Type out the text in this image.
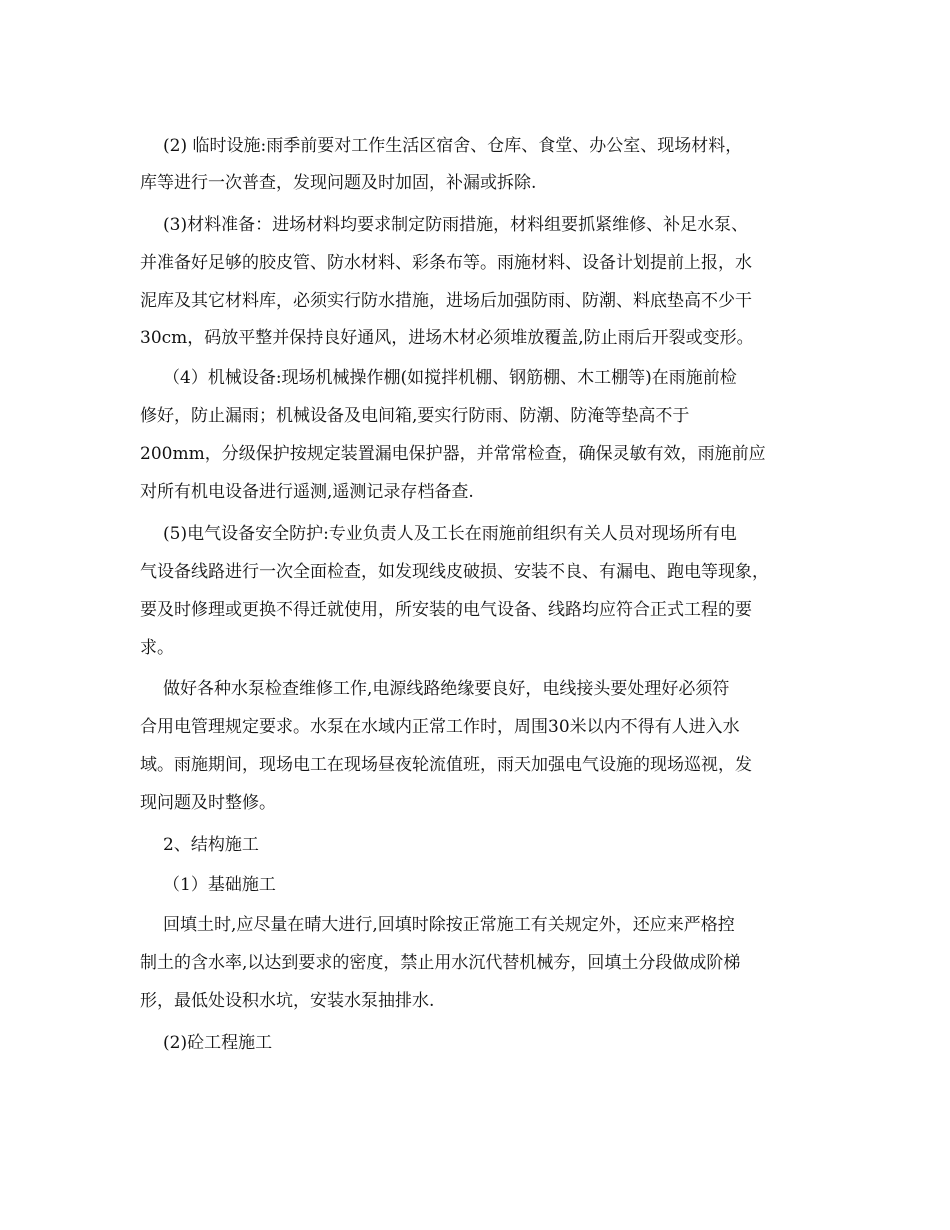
(2) 临时设施:雨季前要对工作生活区宿舍、仓库、食堂、办公室、现场材料，
库等进行一次普查，发现问题及时加固，补漏或拆除.
(3)材料准备：进场材料均要求制定防雨措施，材料组要抓紧维修、补足水泵、
并准备好足够的胶皮管、防水材料、彩条布等。雨施材料、设备计划提前上报，水
泥库及其它材料库，必须实行防水措施，进场后加强防雨、防潮、料底垫高不少干
30cm，码放平整并保持良好通风，进场木材必须堆放覆盖,防止雨后开裂或变形。
（4）机械设备:现场机械操作棚(如搅拌机棚、钢筋棚、木工棚等)在雨施前检
修好，防止漏雨；机械设备及电间箱,要实行防雨、防潮、防淹等垫高不于
200mm，分级保护按规定装置漏电保护器，并常常检查，确保灵敏有效，雨施前应
对所有机电设备进行遥测,遥测记录存档备查.
(5)电气设备安全防护:专业负责人及工长在雨施前组织有关人员对现场所有电
气设备线路进行一次全面检查，如发现线皮破损、安装不良、有漏电、跑电等现象，
要及时修理或更换不得迁就使用，所安装的电气设备、线路均应符合正式工程的要
求。
做好各种水泵检查维修工作,电源线路绝缘要良好，电线接头要处理好必须符
合用电管理规定要求。水泵在水域内正常工作时，周围30米以内不得有人进入水
域。雨施期间，现场电工在现场昼夜轮流值班，雨天加强电气设施的现场巡视，发
现问题及时整修。
2、结构施工
（1）基础施工
回填土时,应尽量在晴大进行,回填时除按正常施工有关规定外，还应来严格控
制土的含水率,以达到要求的密度，禁止用水沉代替机械夯，回填土分段做成阶梯
形，最低处设积水坑，安装水泵抽排水.
(2)砼工程施工
